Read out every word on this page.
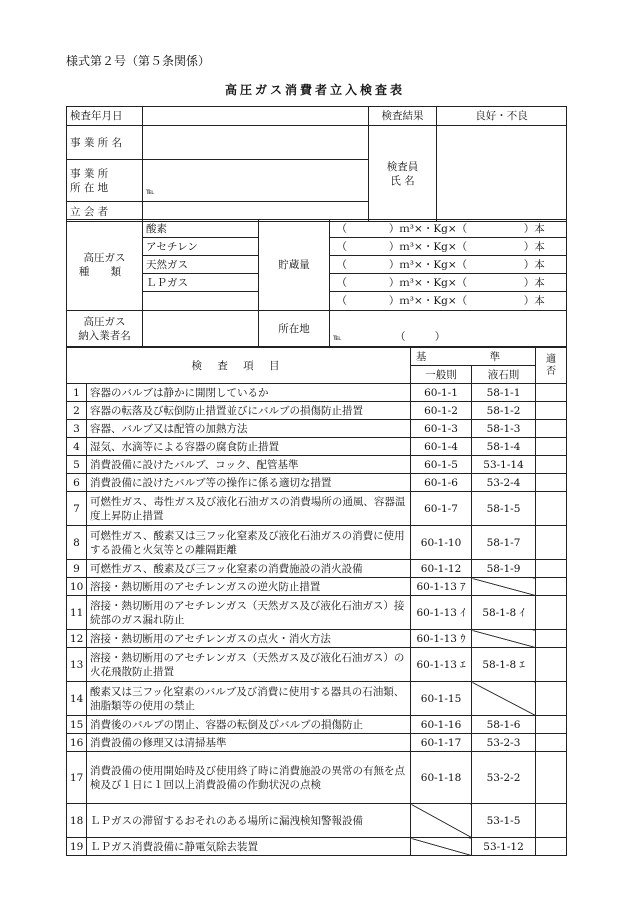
様式第２号（第５条関係）
高圧ガス消費者立入検査表
検査年月日		検査結果	良好・不良
事 業 所 名		検査員
氏 名	

事 業 所
所 在 地	℡		
立 会 者			
高圧ガス
種 類	酸素	貯蔵量	（	）ｍ³×・Kg×（	）本
	アセチレン		（	）ｍ³×・Kg×（	）本
	天然ガス		（	）ｍ³×・Kg×（	）本
	ＬＰガス		（	）ｍ³×・Kg×（	）本
			（	）ｍ³×・Kg×（	）本

高圧ガス
納入業者名		所在地	℡ （ ）		
検 査 項 目		基 準		適否
		一般則	液石則	
1	容器のバルブは静かに開閉しているか	60-1-1	58-1-1	
2	容器の転落及び転倒防止措置並びにバルブの損傷防止措置	60-1-2	58-1-2	
3	容器、バルブ又は配管の加熱方法	60-1-3	58-1-3	
4	湿気、水滴等による容器の腐食防止措置	60-1-4	58-1-4	
5	消費設備に設けたバルブ、コック、配管基準	60-1-5	53-1-14	
6	消費設備に設けたバルブ等の操作に係る適切な措置	60-1-6	53-2-4	
7	可燃性ガス、毒性ガス及び液化石油ガスの消費場所の通風、容器温度上昇防止措置	60-1-7	58-1-5	
8	可燃性ガス、酸素又は三フッ化窒素及び液化石油ガスの消費に使用する設備と火気等との離隔距離	60-1-10	58-1-7	
9	可燃性ガス、酸素及び三フッ化窒素の消費施設の消火設備	60-1-12	58-1-9	
10	溶接・熱切断用のアセチレンガスの逆火防止措置	60-1-13 ｱ		
11	溶接・熱切断用のアセチレンガス（天然ガス及び液化石油ガス）接続部のガス漏れ防止	60-1-13 ｲ	58-1-8 ｲ	
12	溶接・熱切断用のアセチレンガスの点火・消火方法	60-1-13 ｳ		
13	溶接・熱切断用のアセチレンガス（天然ガス及び液化石油ガス）の火花飛散防止措置	60-1-13 ｴ	58-1-8 ｴ	
14	酸素又は三フッ化窒素のバルブ及び消費に使用する器具の石油類、油脂類等の使用の禁止	60-1-15		
15	消費後のバルブの閉止、容器の転倒及びバルブの損傷防止	60-1-16	58-1-6	
16	消費設備の修理又は清掃基準	60-1-17	53-2-3	
17	消費設備の使用開始時及び使用終了時に消費施設の異常の有無を点検及び１日に１回以上消費設備の作動状況の点検	60-1-18	53-2-2	
18	ＬＰガスの滞留するおそれのある場所に漏洩検知警報設備		53-1-5	
19	ＬＰガス消費設備に静電気除去装置		53-1-12	
